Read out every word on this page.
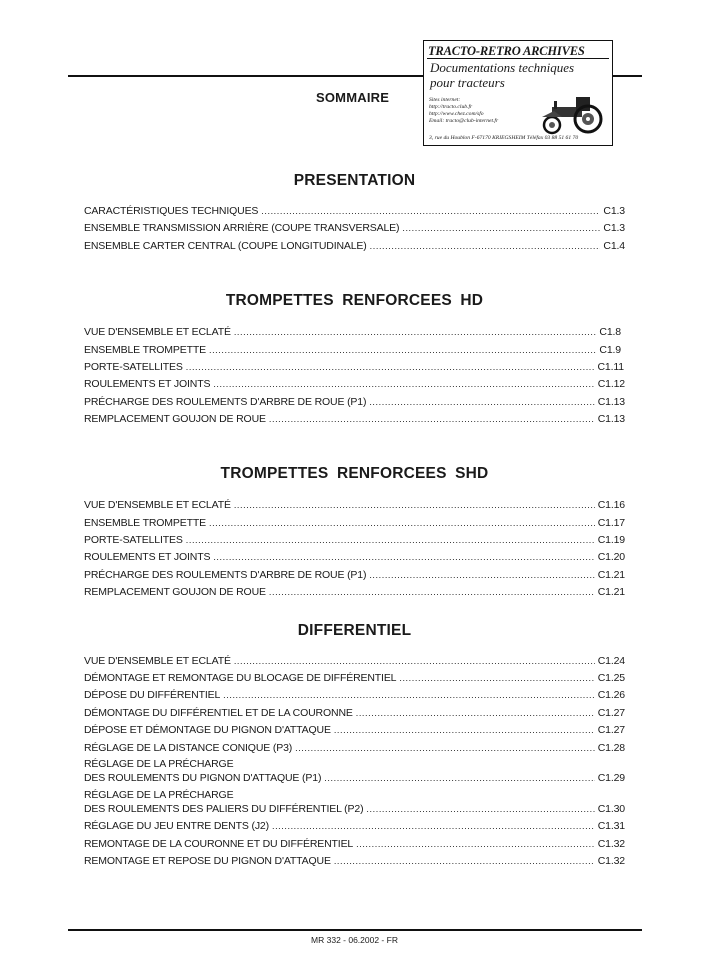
SOMMAIRE
TRACTO-RETRO ARCHIVES
Documentations techniques
pour tracteurs
Sites internet:
http://tracto.club.fr
http://www.chez.com/sfo
Email: tracto@club-internet.fr
3, rue du Houblon F-67170 KRIEGSHEIM Téléfax 03 88 51 61 70
PRESENTATION
TROMPETTES RENFORCEES HD
TROMPETTES RENFORCEES SHD
DIFFERENTIEL
CARACTÉRISTIQUES TECHNIQUES .....	C1.3
ENSEMBLE TRANSMISSION ARRIÈRE (COUPE TRANSVERSALE) .....	C1.3
ENSEMBLE CARTER CENTRAL (COUPE LONGITUDINALE) .....	C1.4
VUE D'ENSEMBLE ET ECLATÉ .....	C1.8
ENSEMBLE TROMPETTE .....	C1.9
PORTE-SATELLITES .....	C1.11
ROULEMENTS ET JOINTS .....	C1.12
PRÉCHARGE DES ROULEMENTS D'ARBRE DE ROUE (P1) .....	C1.13
REMPLACEMENT GOUJON DE ROUE .....	C1.13
VUE D'ENSEMBLE ET ECLATÉ .....	C1.16
ENSEMBLE TROMPETTE .....	C1.17
PORTE-SATELLITES .....	C1.19
ROULEMENTS ET JOINTS .....	C1.20
PRÉCHARGE DES ROULEMENTS D'ARBRE DE ROUE (P1) .....	C1.21
REMPLACEMENT GOUJON DE ROUE .....	C1.21
VUE D'ENSEMBLE ET ECLATÉ .....	C1.24
DÉMONTAGE ET REMONTAGE DU BLOCAGE DE DIFFÉRENTIEL .....	C1.25
DÉPOSE DU DIFFÉRENTIEL .....	C1.26
DÉMONTAGE DU DIFFÉRENTIEL ET DE LA COURONNE .....	C1.27
DÉPOSE ET DÉMONTAGE DU PIGNON D'ATTAQUE .....	C1.27
RÉGLAGE DE LA DISTANCE CONIQUE (P3) .....	C1.28
RÉGLAGE DE LA PRÉCHARGE
DES ROULEMENTS DU PIGNON D'ATTAQUE (P1) .....	C1.29
RÉGLAGE DE LA PRÉCHARGE
DES ROULEMENTS DES PALIERS DU DIFFÉRENTIEL (P2) .....	C1.30
RÉGLAGE DU JEU ENTRE DENTS (J2) .....	C1.31
REMONTAGE DE LA COURONNE ET DU DIFFÉRENTIEL .....	C1.32
REMONTAGE ET REPOSE DU PIGNON D'ATTAQUE .....	C1.32
MR 332 - 06.2002 - FR
